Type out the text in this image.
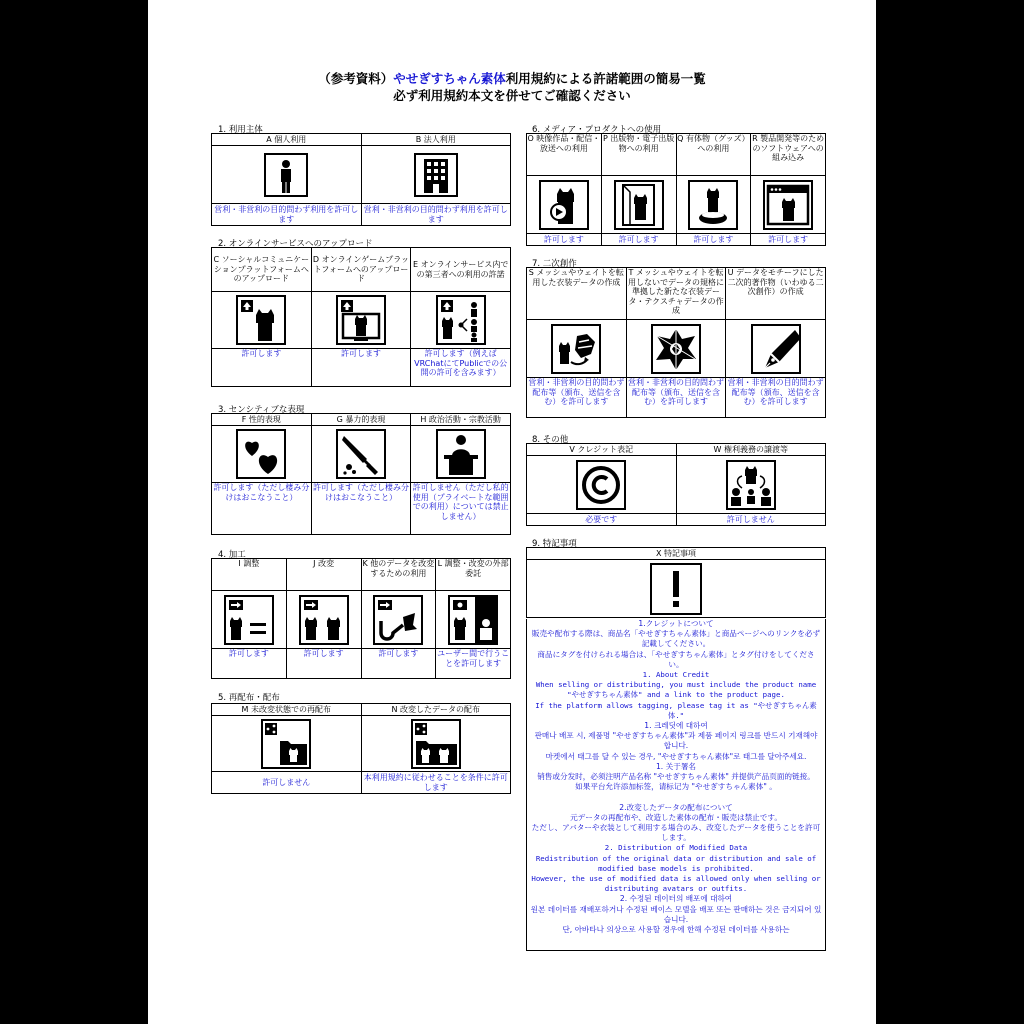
（参考資料）やせぎすちゃん素体利用規約による許諾範囲の簡易一覧
必ず利用規約本文を併せてご確認ください
1. 利用主体
A 個人利用	B 法人利用

営利・非営利の目的問わず利用を許可します	営利・非営利の目的問わず利用を許可します
2. オンラインサービスへのアップロード
C ソーシャルコミュニケーションプラットフォームへのアップロード	D オンラインゲームプラットフォームへのアップロード	E オンラインサービス内での第三者への利用の許諾

許可します	許可します	許可します（例えばVRChatにてPublicでの公開の許可を含みます）
3. センシティブな表現
F 性的表現	G 暴力的表現	H 政治活動・宗教活動

許可します（ただし棲み分けはおこなうこと）	許可します（ただし棲み分けはおこなうこと）	許可しません（ただし私的使用（プライベートな範囲での利用）については禁止しません）
4. 加工
I 調整	J 改変	K 他のデータを改変するための利用	L 調整・改変の外部委託

許可します	許可します	許可します	ユーザー間で行うことを許可します
5. 再配布・配布
M 未改変状態での再配布	N 改変したデータの配布

許可しません	本利用規約に従わせることを条件に許可します
6. メディア・プロダクトへの使用
O 映像作品・配信・放送への利用	P 出版物・電子出版物への利用	Q 有体物（グッズ）への利用	R 製品開発等のためのソフトウェアへの組み込み

許可します	許可します	許可します	許可します
7. 二次創作
S メッシュやウェイトを転用した衣装データの作成	T メッシュやウェイトを転用しないでデータの規格に準拠した新たな衣装データ・テクスチャデータの作成	U データをモチーフにした二次的著作物（いわゆる二次創作）の作成

営利・非営利の目的問わず配布等（頒布、送信を含む）を許可します	営利・非営利の目的問わず配布等（頒布、送信を含む）を許可します	営利・非営利の目的問わず配布等（頒布、送信を含む）を許可します
8. その他
V クレジット表記	W 権利義務の譲渡等

必要です	許可しません
9. 特記事項
X 特記事項

1.クレジットについて
販売や配布する際は、商品名「やせぎすちゃん素体」と商品ページへのリンクを必ず記載してください。
商品にタグを付けられる場合は、「やせぎすちゃん素体」とタグ付けをしてください。
1. About Credit
When selling or distributing, you must include the product name "やせぎすちゃん素体" and a link to the product page.
If the platform allows tagging, please tag it as "やせぎすちゃん素体."
1. 크레딧에 대하여
판매나 배포 시, 제품명 "やせぎすちゃん素体"과 제품 페이지 링크를 반드시 기재해야 합니다.
마켓에서 태그를 달 수 있는 경우, "やせぎすちゃん素体"로 태그를 달아주세요.
1. 关于署名
销售或分发时，必须注明产品名称 "やせぎすちゃん素体" 并提供产品页面的链接。
如果平台允许添加标签，请标记为 "やせぎすちゃん素体" 。

2.改変したデータの配布について
元データの再配布や、改造した素体の配布・販売は禁止です。
ただし、アバターや衣装として利用する場合のみ、改変したデータを使うことを許可します。
2. Distribution of Modified Data
Redistribution of the original data or distribution and sale of modified base models is prohibited.
However, the use of modified data is allowed only when selling or distributing avatars or outfits.
2. 수정된 데이터의 배포에 대하여
원본 데이터를 재배포하거나 수정된 베이스 모델을 배포 또는 판매하는 것은 금지되어 있습니다.
단, 아바타나 의상으로 사용할 경우에 한해 수정된 데이터를 사용하는
